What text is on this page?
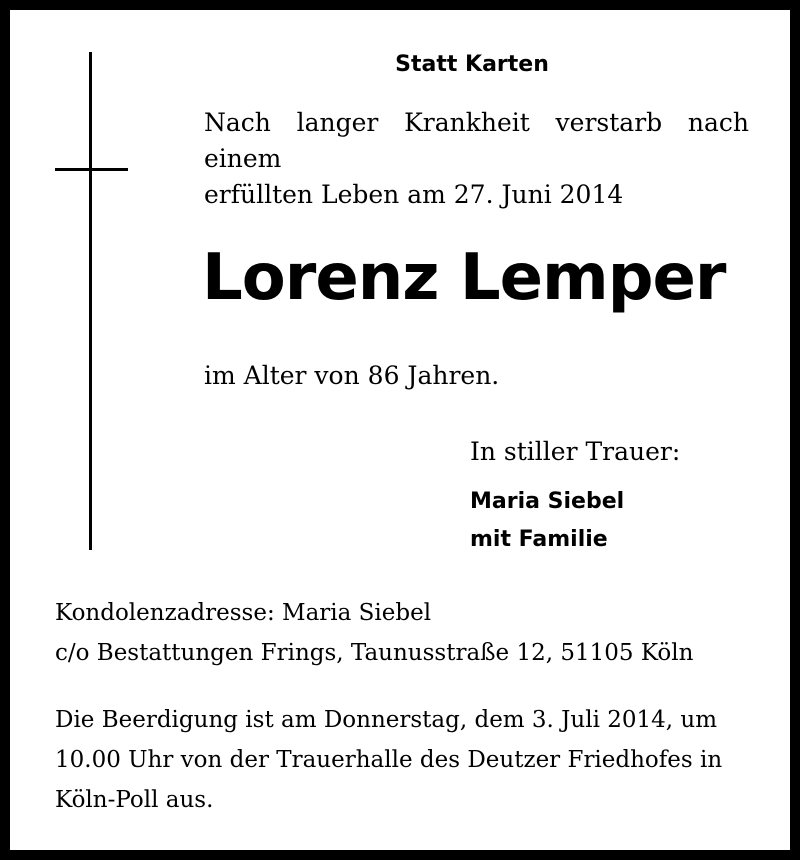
Statt Karten
Nach langer Krankheit verstarb nach einem
erfüllten Leben am 27. Juni 2014
Lorenz Lemper
im Alter von 86 Jahren.
In stiller Trauer:
Maria Siebel
mit Familie
Kondolenzadresse: Maria Siebel
c/o Bestattungen Frings, Taunusstraße 12, 51105 Köln
Die Beerdigung ist am Donnerstag, dem 3. Juli 2014, um
10.00 Uhr von der Trauerhalle des Deutzer Friedhofes in
Köln-Poll aus.
